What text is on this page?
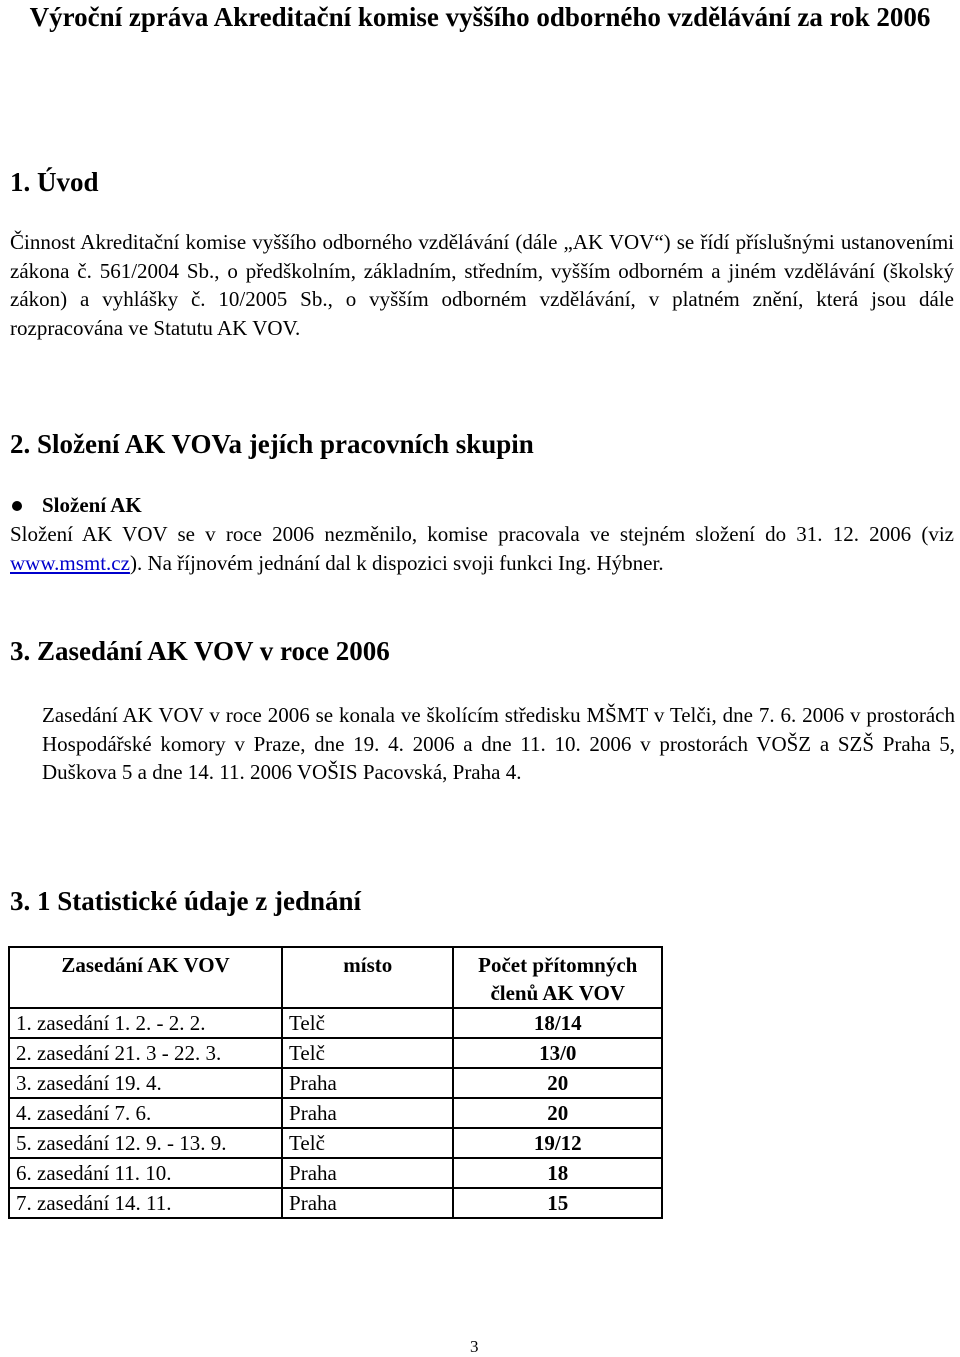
Výroční zpráva Akreditační komise vyššího odborného vzdělávání za rok 2006
1. Úvod

Činnost Akreditační komise vyššího odborného vzdělávání (dále „AK VOV“) se řídí příslušnými ustanoveními zákona č. 561/2004 Sb., o předškolním, základním, středním, vyšším odborném a jiném vzdělávání (školský zákon) a vyhlášky č. 10/2005 Sb., o vyšším odborném vzdělávání, v platném znění, která jsou dále rozpracována ve Statutu AK VOV.

2. Složení AK VOVa jejích pracovních skupin

Složení AK

Složení AK VOV se v roce 2006 nezměnilo, komise pracovala ve stejném složení do 31. 12. 2006 (viz www.msmt.cz). Na říjnovém jednání dal k dispozici svoji funkci Ing. Hýbner.

3. Zasedání AK VOV v roce 2006

Zasedání AK VOV v roce 2006 se konala ve školícím středisku MŠMT v Telči, dne 7. 6. 2006 v prostorách Hospodářské komory v Praze, dne 19. 4. 2006 a dne 11. 10. 2006 v prostorách VOŠZ a SZŠ Praha 5, Duškova 5 a dne 14. 11. 2006 VOŠIS Pacovská, Praha 4.

3. 1 Statistické údaje z jednání
Zasedání AK VOV	místo	Počet přítomných členů AK VOV
1. zasedání 1. 2. - 2. 2.	Telč	18/14
2. zasedání 21. 3 - 22. 3.	Telč	13/0
3. zasedání 19. 4.	Praha	20
4. zasedání 7. 6.	Praha	20
5. zasedání 12. 9. - 13. 9.	Telč	19/12
6. zasedání 11. 10.	Praha	18
7. zasedání 14. 11.	Praha	15
3
